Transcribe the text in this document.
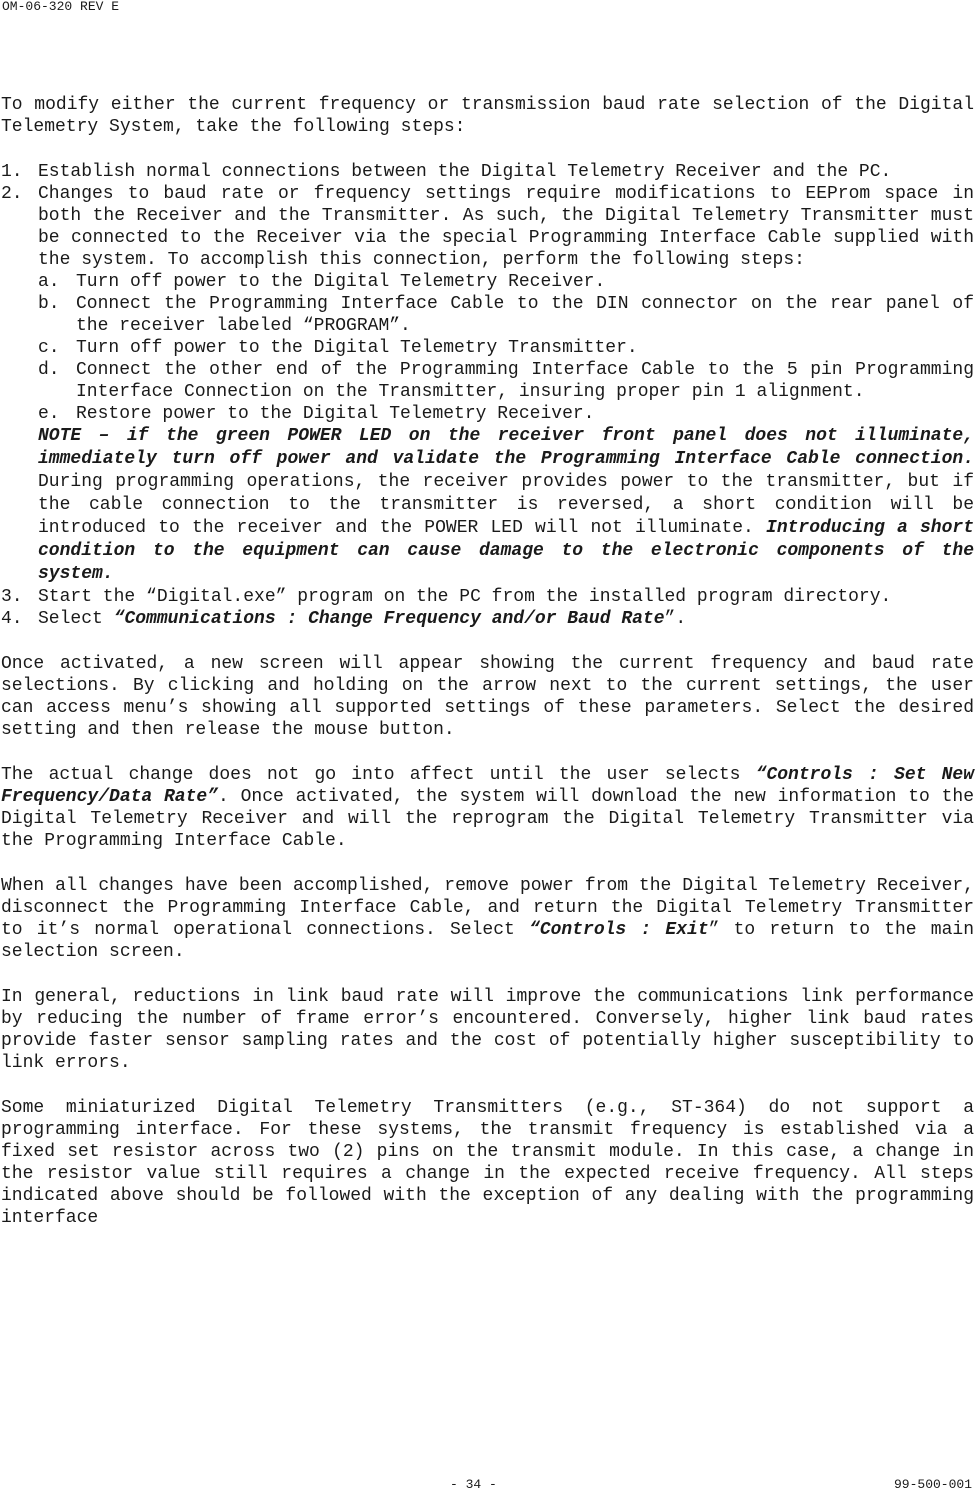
OM-06-320 REV E

To modify either the current frequency or transmission baud rate selection of the Digital Telemetry System, take the following steps:

1. Establish normal connections between the Digital Telemetry Receiver and the PC.
2. Changes to baud rate or frequency settings require modifications to EEProm space in both the Receiver and the Transmitter. As such, the Digital Telemetry Transmitter must be connected to the Receiver via the special Programming Interface Cable supplied with the system. To accomplish this connection, perform the following steps:
a. Turn off power to the Digital Telemetry Receiver.
b. Connect the Programming Interface Cable to the DIN connector on the rear panel of the receiver labeled “PROGRAM”.
c. Turn off power to the Digital Telemetry Transmitter.
d. Connect the other end of the Programming Interface Cable to the 5 pin Programming Interface Connection on the Transmitter, insuring proper pin 1 alignment.
e. Restore power to the Digital Telemetry Receiver.
NOTE – if the green POWER LED on the receiver front panel does not illuminate, immediately turn off power and validate the Programming Interface Cable connection. During programming operations, the receiver provides power to the transmitter, but if the cable connection to the transmitter is reversed, a short condition will be introduced to the receiver and the POWER LED will not illuminate. Introducing a short condition to the equipment can cause damage to the electronic components of the system.
3. Start the “Digital.exe” program on the PC from the installed program directory.
4. Select “Communications : Change Frequency and/or Baud Rate”.

Once activated, a new screen will appear showing the current frequency and baud rate selections. By clicking and holding on the arrow next to the current settings, the user can access menu’s showing all supported settings of these parameters. Select the desired setting and then release the mouse button.

The actual change does not go into affect until the user selects “Controls : Set New Frequency/Data Rate”. Once activated, the system will download the new information to the Digital Telemetry Receiver and will the reprogram the Digital Telemetry Transmitter via the Programming Interface Cable.

When all changes have been accomplished, remove power from the Digital Telemetry Receiver, disconnect the Programming Interface Cable, and return the Digital Telemetry Transmitter to it’s normal operational connections. Select “Controls : Exit” to return to the main selection screen.

In general, reductions in link baud rate will improve the communications link performance by reducing the number of frame error’s encountered. Conversely, higher link baud rates provide faster sensor sampling rates and the cost of potentially higher susceptibility to link errors.

Some miniaturized Digital Telemetry Transmitters (e.g., ST-364) do not support a programming interface. For these systems, the transmit frequency is established via a fixed set resistor across two (2) pins on the transmit module. In this case, a change in the resistor value still requires a change in the expected receive frequency. All steps indicated above should be followed with the exception of any dealing with the programming interface

- 34 -	99-500-001
